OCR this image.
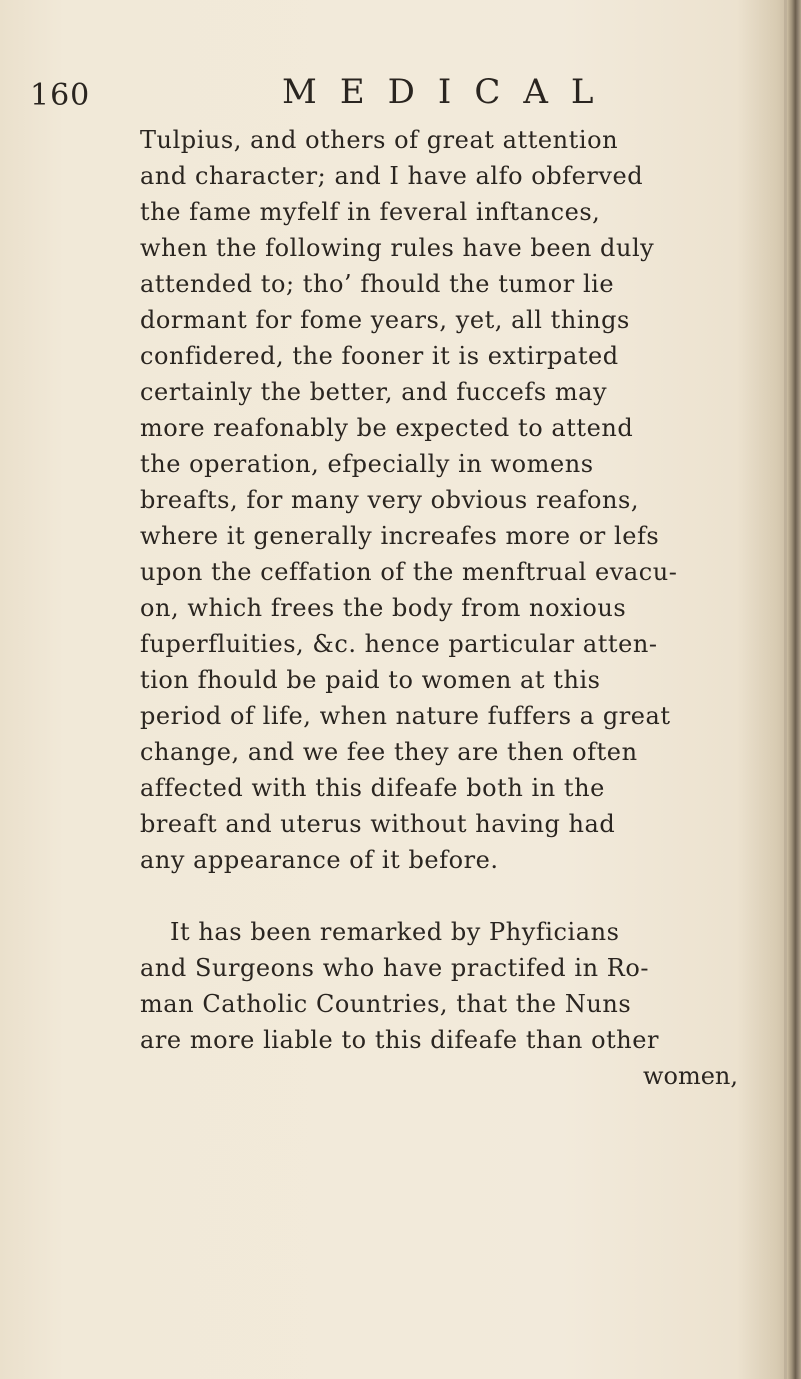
160	MEDICAL
Tulpius, and others of great attention
and character; and I have alfo obferved
the fame myfelf in feveral inftances,
when the following rules have been duly
attended to; tho’ fhould the tumor lie
dormant for fome years, yet, all things
confidered, the fooner it is extirpated
certainly the better, and fuccefs may
more reafonably be expected to attend
the operation, efpecially in womens
breafts, for many very obvious reafons,
where it generally increafes more or lefs
upon the ceffation of the menftrual evacu-
on, which frees the body from noxious
fuperfluities, &c. hence particular atten-
tion fhould be paid to women at this
period of life, when nature fuffers a great
change, and we fee they are then often
affected with this difeafe both in the
breaft and uterus without having had
any appearance of it before.
It has been remarked by Phyficians
and Surgeons who have practifed in Ro-
man Catholic Countries, that the Nuns
are more liable to this difeafe than other
women,
